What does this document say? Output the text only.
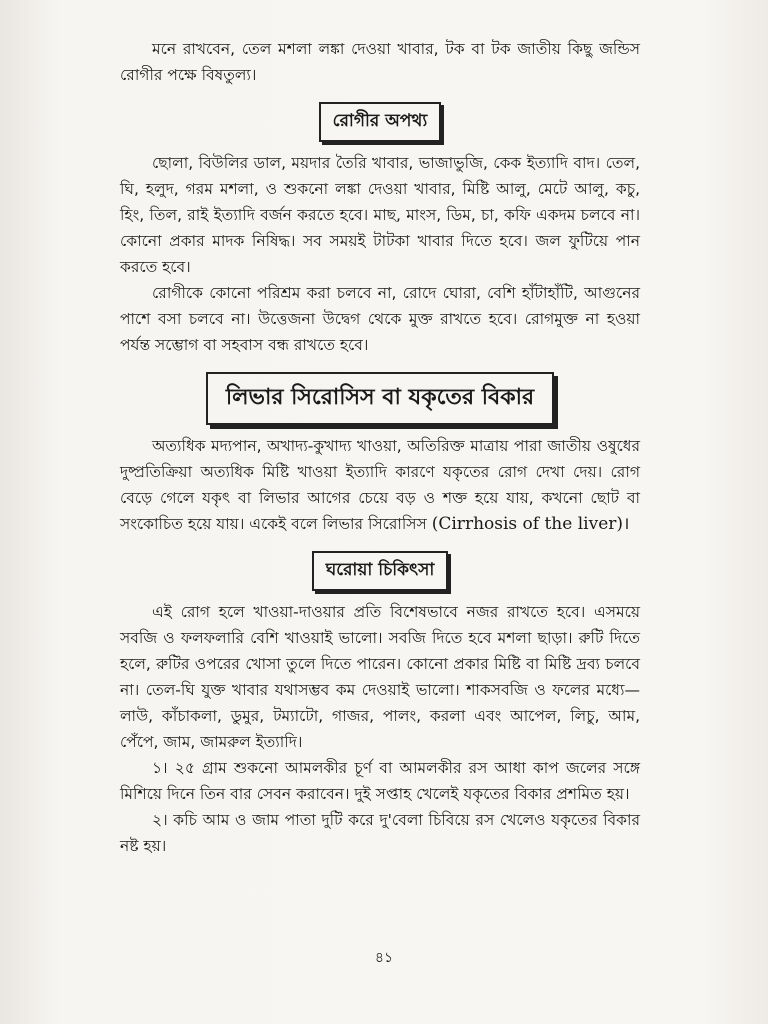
মনে রাখবেন, তেল মশলা লঙ্কা দেওয়া খাবার, টক বা টক জাতীয় কিছু জন্ডিস রোগীর পক্ষে বিষতুল্য।

রোগীর অপথ্য

ছোলা, বিউলির ডাল, ময়দার তৈরি খাবার, ভাজাভুজি, কেক ইত্যাদি বাদ। তেল, ঘি, হলুদ, গরম মশলা, ও শুকনো লঙ্কা দেওয়া খাবার, মিষ্টি আলু, মেটে আলু, কচু, হিং, তিল, রাই ইত্যাদি বর্জন করতে হবে। মাছ, মাংস, ডিম, চা, কফি একদম চলবে না। কোনো প্রকার মাদক নিষিদ্ধ। সব সময়ই টাটকা খাবার দিতে হবে। জল ফুটিয়ে পান করতে হবে।

রোগীকে কোনো পরিশ্রম করা চলবে না, রোদে ঘোরা, বেশি হাঁটাহাঁটি, আগুনের পাশে বসা চলবে না। উত্তেজনা উদ্বেগ থেকে মুক্ত রাখতে হবে। রোগমুক্ত না হওয়া পর্যন্ত সম্ভোগ বা সহবাস বন্ধ রাখতে হবে।

লিভার সিরোসিস বা যকৃতের বিকার

অত্যধিক মদ্যপান, অখাদ্য-কুখাদ্য খাওয়া, অতিরিক্ত মাত্রায় পারা জাতীয় ওষুধের দুষ্প্রতিক্রিয়া অত্যধিক মিষ্টি খাওয়া ইত্যাদি কারণে যকৃতের রোগ দেখা দেয়। রোগ বেড়ে গেলে যকৃৎ বা লিভার আগের চেয়ে বড় ও শক্ত হয়ে যায়, কখনো ছোট বা সংকোচিত হয়ে যায়। একেই বলে লিভার সিরোসিস (Cirrhosis of the liver)।

ঘরোয়া চিকিৎসা

এই রোগ হলে খাওয়া-দাওয়ার প্রতি বিশেষভাবে নজর রাখতে হবে। এসময়ে সবজি ও ফলফলারি বেশি খাওয়াই ভালো। সবজি দিতে হবে মশলা ছাড়া। রুটি দিতে হলে, রুটির ওপরের খোসা তুলে দিতে পারেন। কোনো প্রকার মিষ্টি বা মিষ্টি দ্রব্য চলবে না। তেল-ঘি যুক্ত খাবার যথাসম্ভব কম দেওয়াই ভালো। শাকসবজি ও ফলের মধ্যে—লাউ, কাঁচাকলা, ডুমুর, টম্যাটো, গাজর, পালং, করলা এবং আপেল, লিচু, আম, পেঁপে, জাম, জামরুল ইত্যাদি।

১। ২৫ গ্রাম শুকনো আমলকীর চূর্ণ বা আমলকীর রস আধা কাপ জলের সঙ্গে মিশিয়ে দিনে তিন বার সেবন করাবেন। দুই সপ্তাহ খেলেই যকৃতের বিকার প্রশমিত হয়।

২। কচি আম ও জাম পাতা দুটি করে দু'বেলা চিবিয়ে রস খেলেও যকৃতের বিকার নষ্ট হয়।

৪১
